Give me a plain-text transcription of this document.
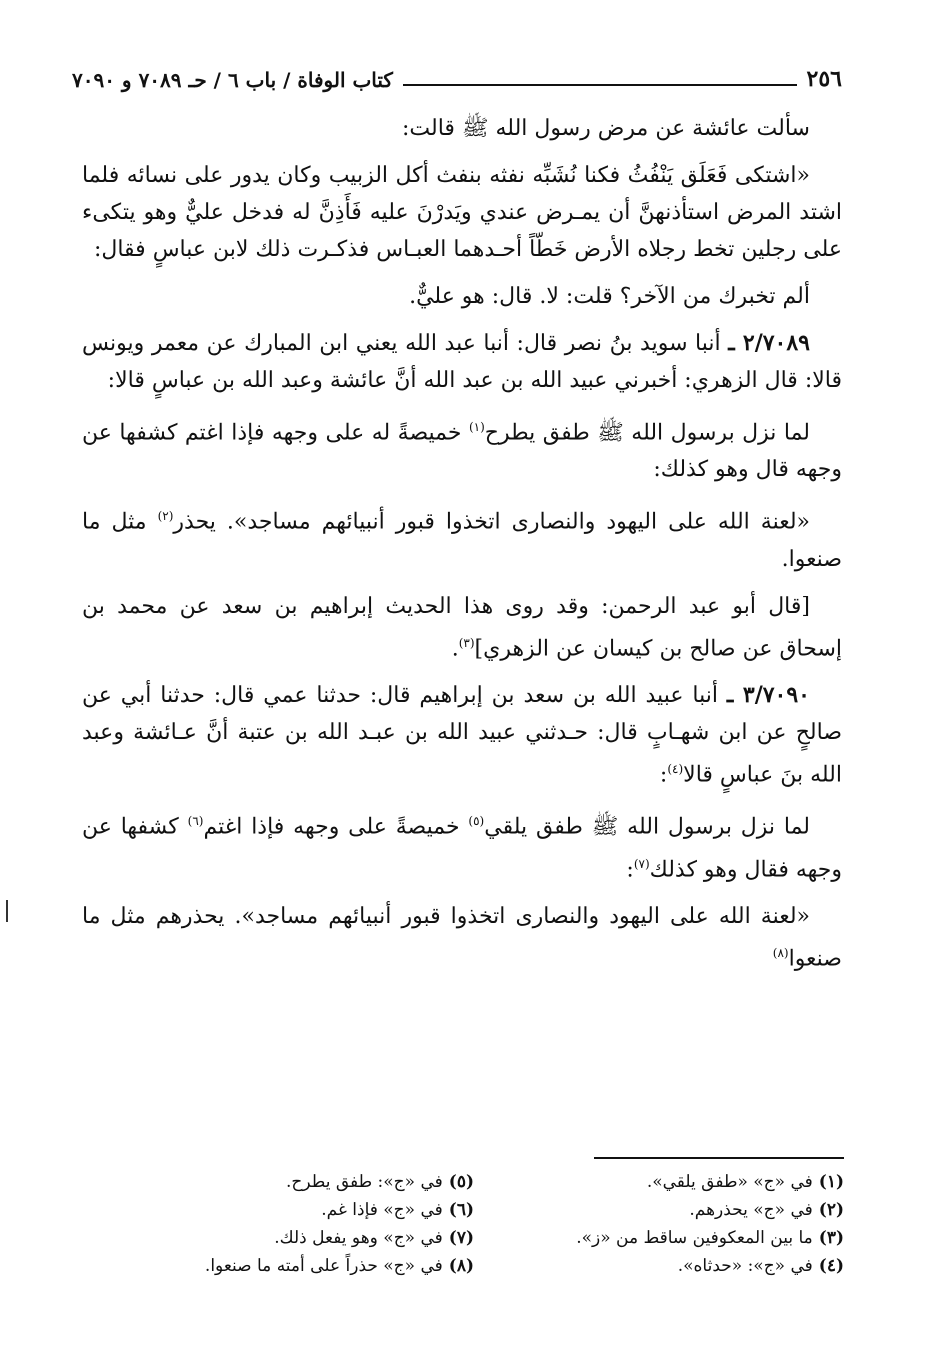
كتاب الوفاة / باب ٦ / حـ ٧٠٨٩ و ٧٠٩٠	٢٥٦

سألت عائشة عن مرض رسول الله ﷺ قالت:

«اشتكى فَعَلَق يَنْفُثُ فكنا نُشَبِّه نفثه بنفث أكل الزبيب وكان يدور على نسائه فلما اشتد المرض استأذنهنَّ أن يمـرض عندي ويَدرْنَ عليه فَأَذِنَّ له فدخل عليٌّ وهو يتكىء على رجلين تخط رجلاه الأرض خَطّاً أحـدهما العبـاس فذكـرت ذلك لابن عباسٍ فقال:

ألم تخبرك من الآخر؟ قلت: لا. قال: هو عليٌّ.

٢/٧٠٨٩ ـ أنبا سويد بنُ نصر قال: أنبا عبد الله يعني ابن المبارك عن معمر ويونس قالا: قال الزهري: أخبرني عبيد الله بن عبد الله أنَّ عائشة وعبد الله بن عباسٍ قالا:

لما نزل برسول الله ﷺ طفق يطرح$^{(١)}$ خميصةً له على وجهه فإذا اغتم كشفها عن وجهه قال وهو كذلك:

«لعنة الله على اليهود والنصارى اتخذوا قبور أنبيائهم مساجد». يحذر$^{(٢)}$ مثل ما صنعوا.

[قال أبو عبد الرحمن: وقد روى هذا الحديث إبراهيم بن سعد عن محمد بن إسحاق عن صالح بن كيسان عن الزهري]$^{(٣)}$.

٣/٧٠٩٠ ـ أنبا عبيد الله بن سعد بن إبراهيم قال: حدثنا عمي قال: حدثنا أبي عن صالحٍ عن ابن شهـابٍ قال: حـدثني عبيد الله بن عبـد الله بن عتبة أنَّ عـائشة وعبد الله بنَ عباسٍ قالا$^{(٤)}$:

لما نزل برسول الله ﷺ طفق يلقي$^{(٥)}$ خميصةً على وجهه فإذا اغتم$^{(٦)}$ كشفها عن وجهه فقال وهو كذلك$^{(٧)}$:

«لعنة الله على اليهود والنصارى اتخذوا قبور أنبيائهم مساجد». يحذرهم مثل ما صنعوا$^{(٨)}$

(١)في «ج» «طفق يلقي».
(٢)في «ج» يحذرهم.
(٣)ما بين المعكوفين ساقط من «ز».
(٤)في «ج»: «حدثاه».
(٥)في «ج»: طفق يطرح.
(٦)في «ج» فإذا غم.
(٧)في «ج» وهو يفعل ذلك.
(٨)في «ج» حذراً على أمته ما صنعوا.
